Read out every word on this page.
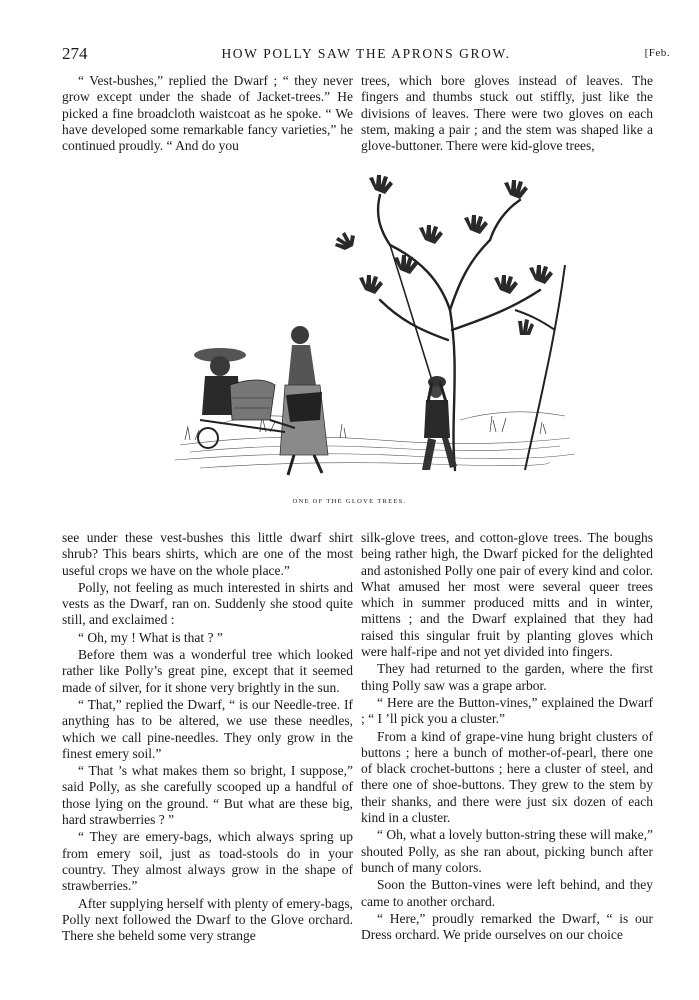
274	HOW POLLY SAW THE APRONS GROW.	[Feb.

“ Vest-bushes,” replied the Dwarf ; “ they never grow except under the shade of Jacket-trees.” He picked a fine broadcloth waistcoat as he spoke. “ We have developed some remarkable fancy varieties,” he continued proudly. “ And do you

trees, which bore gloves instead of leaves. The fingers and thumbs stuck out stiffly, just like the divisions of leaves. There were two gloves on each stem, making a pair ; and the stem was shaped like a glove-buttoner. There were kid-glove trees,

ONE OF THE GLOVE TREES.

see under these vest-bushes this little dwarf shirt shrub? This bears shirts, which are one of the most useful crops we have on the whole place.”

Polly, not feeling as much interested in shirts and vests as the Dwarf, ran on. Suddenly she stood quite still, and exclaimed :

“ Oh, my ! What is that ? ”

Before them was a wonderful tree which looked rather like Polly’s great pine, except that it seemed made of silver, for it shone very brightly in the sun.

“ That,” replied the Dwarf, “ is our Needle-tree. If anything has to be altered, we use these needles, which we call pine-needles. They only grow in the finest emery soil.”

“ That ’s what makes them so bright, I suppose,” said Polly, as she carefully scooped up a handful of those lying on the ground. “ But what are these big, hard strawberries ? ”

“ They are emery-bags, which always spring up from emery soil, just as toad-stools do in your country. They almost always grow in the shape of strawberries.”

After supplying herself with plenty of emery-bags, Polly next followed the Dwarf to the Glove orchard. There she beheld some very strange

silk-glove trees, and cotton-glove trees. The boughs being rather high, the Dwarf picked for the delighted and astonished Polly one pair of every kind and color. What amused her most were several queer trees which in summer produced mitts and in winter, mittens ; and the Dwarf explained that they had raised this singular fruit by planting gloves which were half-ripe and not yet divided into fingers.

They had returned to the garden, where the first thing Polly saw was a grape arbor.

“ Here are the Button-vines,” explained the Dwarf ; “ I ’ll pick you a cluster.”

From a kind of grape-vine hung bright clusters of buttons ; here a bunch of mother-of-pearl, there one of black crochet-buttons ; here a cluster of steel, and there one of shoe-buttons. They grew to the stem by their shanks, and there were just six dozen of each kind in a cluster.

“ Oh, what a lovely button-string these will make,” shouted Polly, as she ran about, picking bunch after bunch of many colors.

Soon the Button-vines were left behind, and they came to another orchard.

“ Here,” proudly remarked the Dwarf, “ is our Dress orchard. We pride ourselves on our choice
